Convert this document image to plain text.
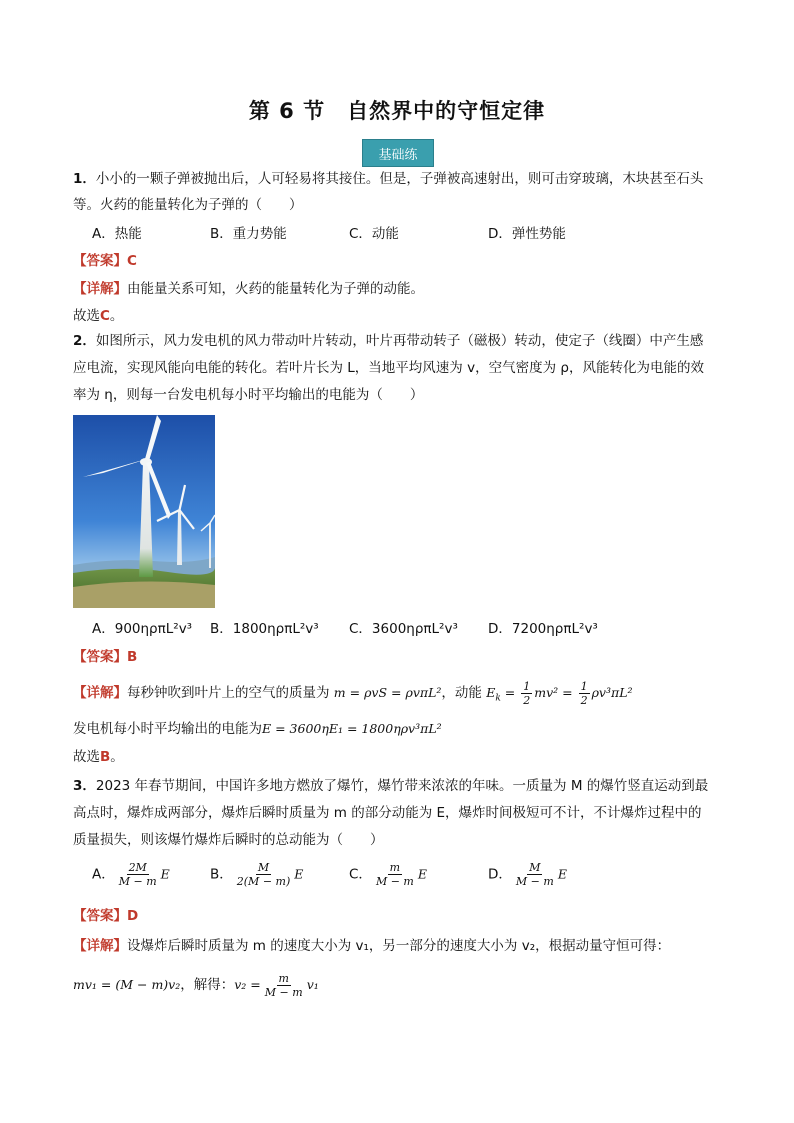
第 6 节　自然界中的守恒定律
基础练
1．小小的一颗子弹被抛出后，人可轻易将其接住。但是，子弹被高速射出，则可击穿玻璃，木块甚至石头
等。火药的能量转化为子弹的（　　）
A．热能	B．重力势能	C．动能	D．弹性势能
【答案】C
【详解】由能量关系可知，火药的能量转化为子弹的动能。
故选C。
2．如图所示，风力发电机的风力带动叶片转动，叶片再带动转子（磁极）转动，使定子（线圈）中产生感
应电流，实现风能向电能的转化。若叶片长为 L，当地平均风速为 v，空气密度为 ρ，风能转化为电能的效
率为 η，则每一台发电机每小时平均输出的电能为（　　）
A．900ηρπL²v³ B．1800ηρπL²v³ C．3600ηρπL²v³ D．7200ηρπL²v³
【答案】B
【详解】每秒钟吹到叶片上的空气的质量为 m = ρvS = ρvπL²，动能 $E_k = \frac{1}{2} mv^2 = \frac{1}{2} \rho v^3\pi L^2$
发电机每小时平均输出的电能为E = 3600ηE₁ = 1800ηρv³πL²
故选B。
3．2023 年春节期间，中国许多地方燃放了爆竹，爆竹带来浓浓的年味。一质量为 M 的爆竹竖直运动到最
高点时，爆炸成两部分，爆炸后瞬时质量为 m 的部分动能为 E，爆炸时间极短可不计，不计爆炸过程中的
质量损失，则该爆竹爆炸后瞬时的总动能为（　　）
A． $\frac{2M}{M - m}$ E	B． $\frac{M}{2(M - m)}$ E	C． $\frac{m}{M - m}$ E	D． $\frac{M}{M - m}$ E
【答案】D
【详解】设爆炸后瞬时质量为 m 的速度大小为 v₁，另一部分的速度大小为 v₂，根据动量守恒可得：
mv₁ = (M − m)v₂，解得：$v_2 = \frac{m}{M - m} v_1$
